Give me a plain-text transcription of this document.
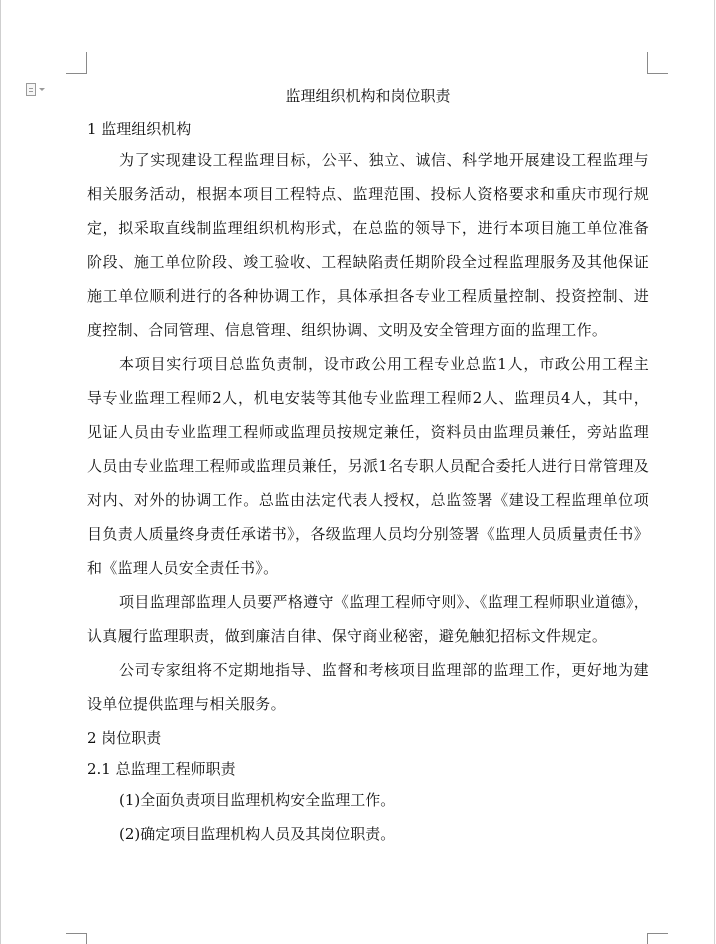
监理组织机构和岗位职责
1 监理组织机构

为了实现建设工程监理目标，公平、独立、诚信、科学地开展建设工程监理与相关服务活动，根据本项目工程特点、监理范围、投标人资格要求和重庆市现行规定，拟采取直线制监理组织机构形式，在总监的领导下，进行本项目施工单位准备阶段、施工单位阶段、竣工验收、工程缺陷责任期阶段全过程监理服务及其他保证施工单位顺利进行的各种协调工作，具体承担各专业工程质量控制、投资控制、进度控制、合同管理、信息管理、组织协调、文明及安全管理方面的监理工作。

本项目实行项目总监负责制，设市政公用工程专业总监1人，市政公用工程主导专业监理工程师2人，机电安装等其他专业监理工程师2人、监理员4人，其中，见证人员由专业监理工程师或监理员按规定兼任，资料员由监理员兼任，旁站监理人员由专业监理工程师或监理员兼任，另派1名专职人员配合委托人进行日常管理及对内、对外的协调工作。总监由法定代表人授权，总监签署《建设工程监理单位项目负责人质量终身责任承诺书》，各级监理人员均分别签署《监理人员质量责任书》和《监理人员安全责任书》。

项目监理部监理人员要严格遵守《监理工程师守则》、《监理工程师职业道德》，认真履行监理职责，做到廉洁自律、保守商业秘密，避免触犯招标文件规定。

公司专家组将不定期地指导、监督和考核项目监理部的监理工作，更好地为建设单位提供监理与相关服务。

2 岗位职责
2.1 总监理工程师职责

(1)全面负责项目监理机构安全监理工作。

(2)确定项目监理机构人员及其岗位职责。
